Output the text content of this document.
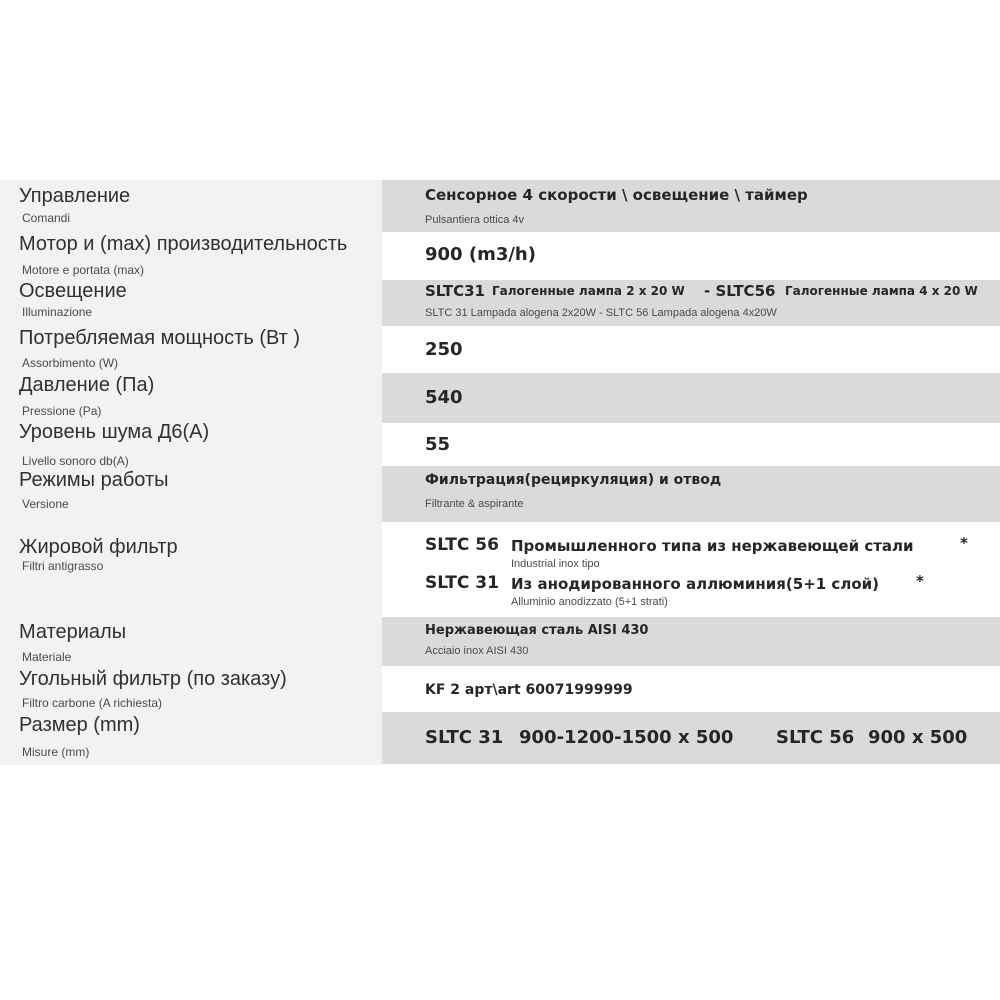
Управление
Comandi
Сенсорное 4 скорости \ освещение \ таймер
Pulsantiera ottica 4v
Мотор и (max) производительность
Motore e portata (max)
900 (m3/h)
Освещение
Illuminazione
SLTC31 Галогенные лампа 2 x 20 W - SLTC56 Галогенные лампа 4 x 20 W
SLTC 31 Lampada alogena 2x20W - SLTC 56 Lampada alogena 4x20W
Потребляемая мощность (Вт )
Assorbimento (W)
250
Давление (Па)
Pressione (Pa)
540
Уровень шума Д6(А)
Livello sonoro db(A)
55
Режимы работы
Versione
Фильтрация(рециркуляция) и отвод
Filtrante & aspirante
Жировой фильтр
Filtri antigrasso
SLTC 56 Промышленного типа из нержавеющей стали	*
Industrial inox tipo
SLTC 31 Из анодированного аллюминия(5+1 слой) *
Alluminio anodizzato (5+1 strati)
Материалы
Materiale
Нержавеющая сталь AISI 430
Acciaio inox AISI 430
Угольный фильтр (по заказу)
Filtro carbone (A richiesta)
KF 2 арт\art 60071999999
Размер (mm)
Misure (mm)
SLTC 31 900-1200-1500 x 500 SLTC 56 900 x 500
